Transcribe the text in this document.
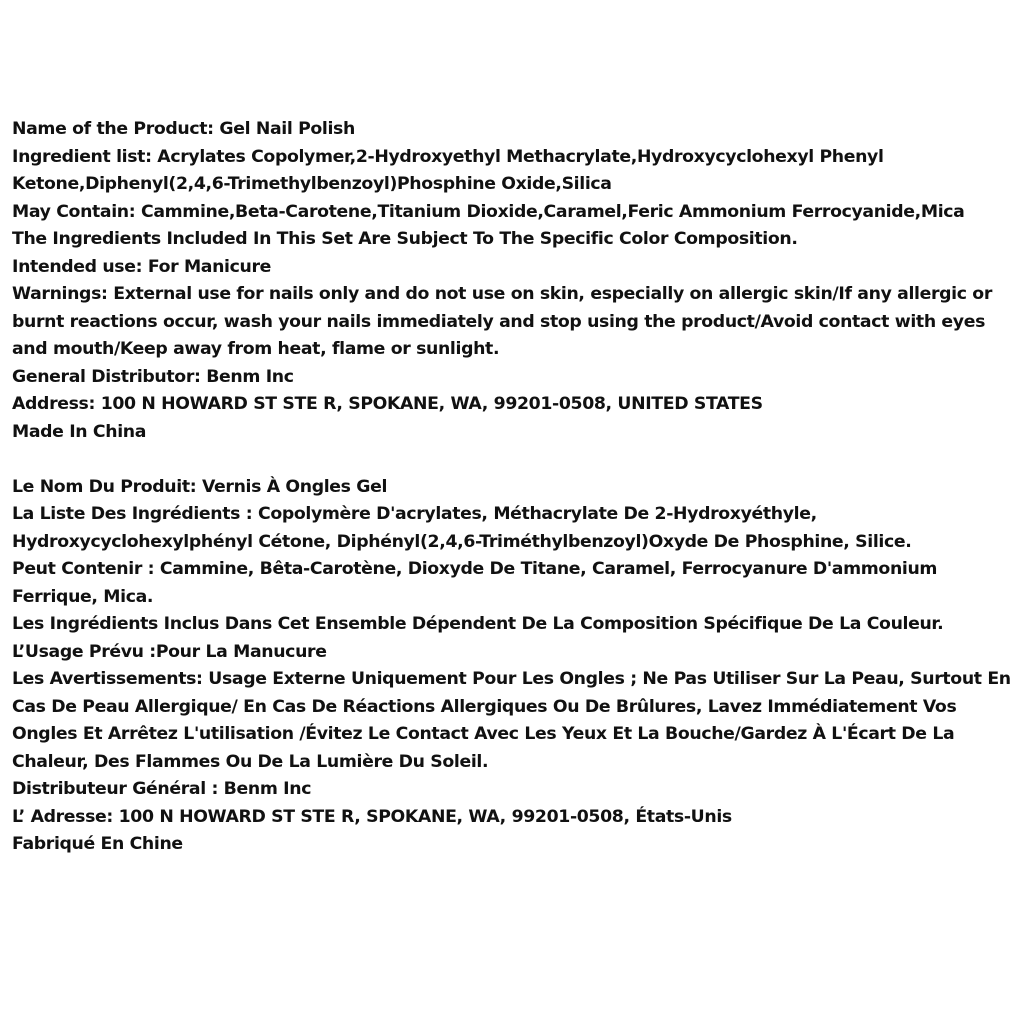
Name of the Product: Gel Nail Polish
Ingredient list: Acrylates Copolymer,2-Hydroxyethyl Methacrylate,Hydroxycyclohexyl Phenyl Ketone,Diphenyl(2,4,6-Trimethylbenzoyl)Phosphine Oxide,Silica
May Contain: Cammine,Beta-Carotene,Titanium Dioxide,Caramel,Feric Ammonium Ferrocyanide,Mica
The Ingredients Included In This Set Are Subject To The Specific Color Composition.
Intended use: For Manicure
Warnings: External use for nails only and do not use on skin, especially on allergic skin/If any allergic or burnt reactions occur, wash your nails immediately and stop using the product/Avoid contact with eyes and mouth/Keep away from heat, flame or sunlight.
General Distributor: Benm Inc
Address: 100 N HOWARD ST STE R, SPOKANE, WA, 99201-0508, UNITED STATES
Made In China
Le Nom Du Produit: Vernis À Ongles Gel
La Liste Des Ingrédients : Copolymère D'acrylates, Méthacrylate De 2-Hydroxyéthyle, Hydroxycyclohexylphényl Cétone, Diphényl(2,4,6-Triméthylbenzoyl)Oxyde De Phosphine, Silice.
Peut Contenir : Cammine, Bêta-Carotène, Dioxyde De Titane, Caramel, Ferrocyanure D'ammonium Ferrique, Mica.
Les Ingrédients Inclus Dans Cet Ensemble Dépendent De La Composition Spécifique De La Couleur.
L’Usage Prévu :Pour La Manucure
Les Avertissements: Usage Externe Uniquement Pour Les Ongles ; Ne Pas Utiliser Sur La Peau, Surtout En Cas De Peau Allergique/ En Cas De Réactions Allergiques Ou De Brûlures, Lavez Immédiatement Vos Ongles Et Arrêtez L'utilisation /Évitez Le Contact Avec Les Yeux Et La Bouche/Gardez À L'Écart De La Chaleur, Des Flammes Ou De La Lumière Du Soleil.
Distributeur Général : Benm Inc
L’ Adresse: 100 N HOWARD ST STE R, SPOKANE, WA, 99201-0508, États-Unis
Fabriqué En Chine
